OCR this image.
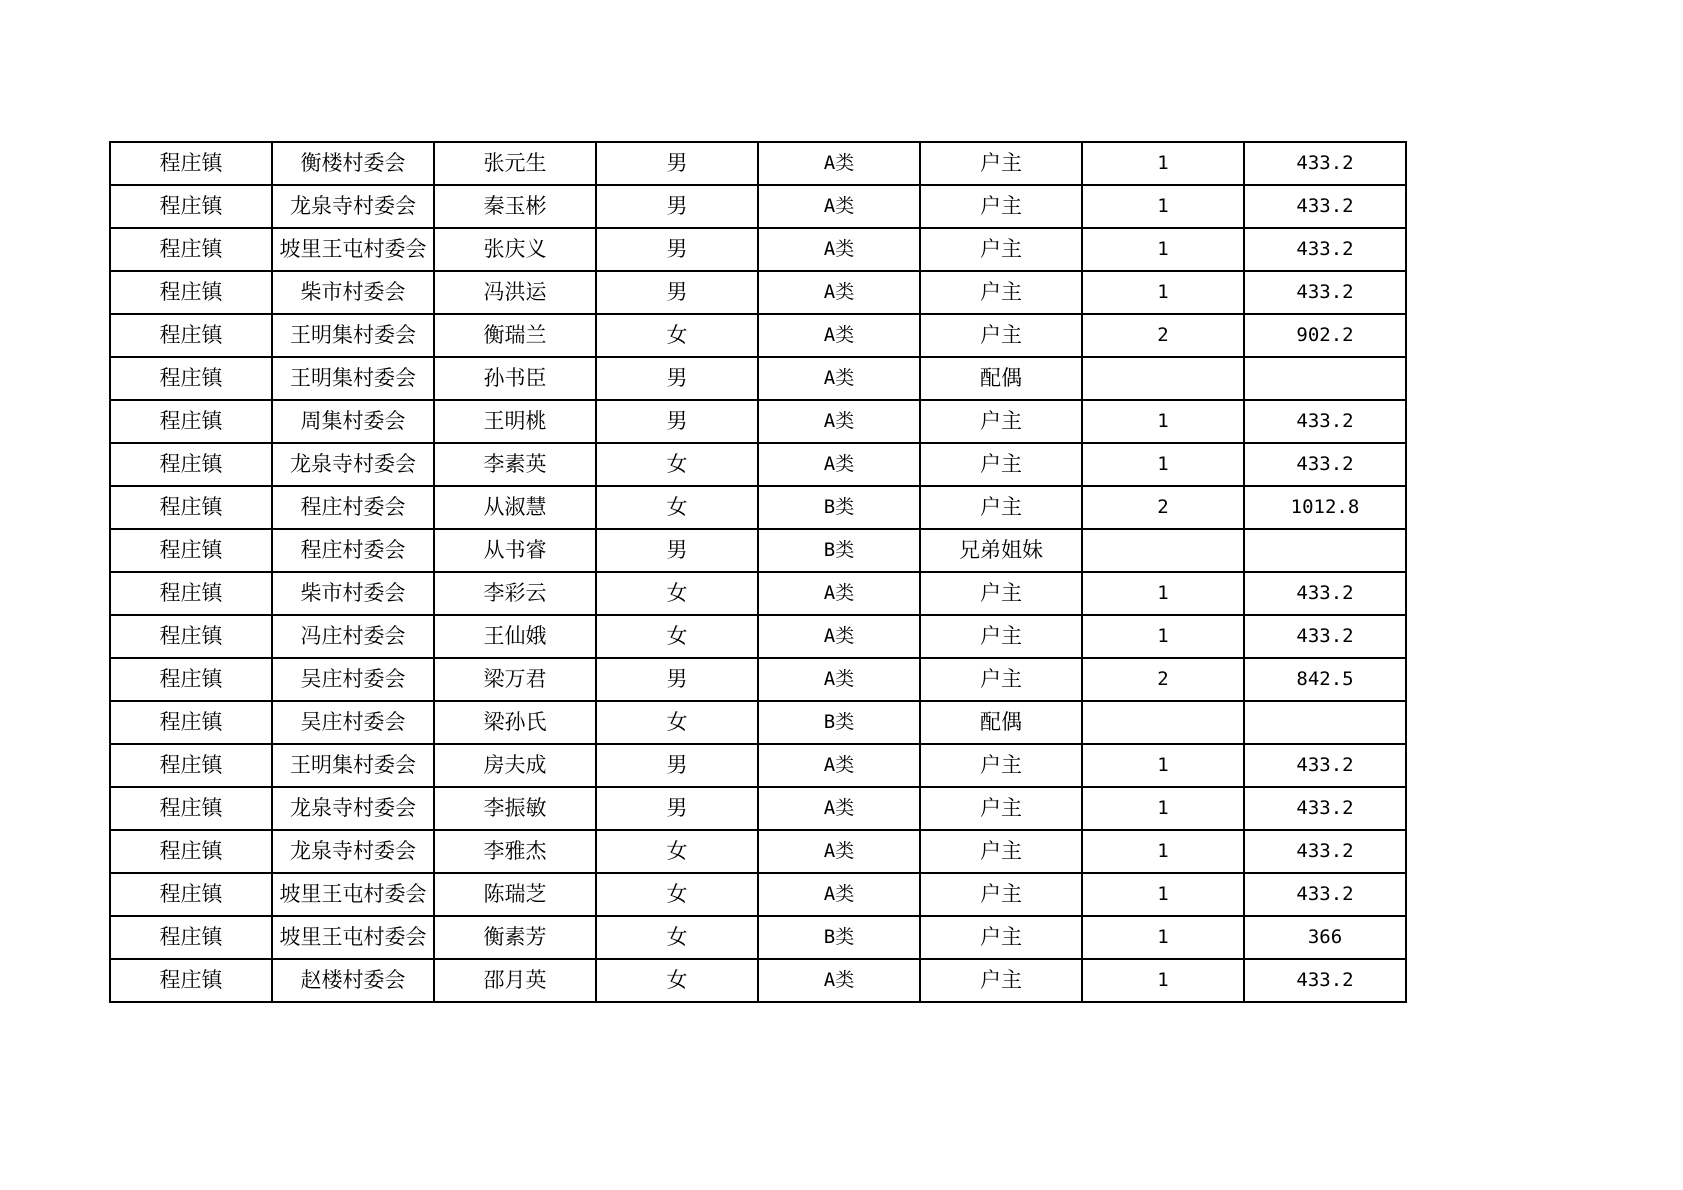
程庄镇	衡楼村委会	张元生	男	A类	户主	1	433.2
程庄镇	龙泉寺村委会	秦玉彬	男	A类	户主	1	433.2
程庄镇	坡里王屯村委会	张庆义	男	A类	户主	1	433.2
程庄镇	柴市村委会	冯洪运	男	A类	户主	1	433.2
程庄镇	王明集村委会	衡瑞兰	女	A类	户主	2	902.2
程庄镇	王明集村委会	孙书臣	男	A类	配偶		
程庄镇	周集村委会	王明桃	男	A类	户主	1	433.2
程庄镇	龙泉寺村委会	李素英	女	A类	户主	1	433.2
程庄镇	程庄村委会	从淑慧	女	B类	户主	2	1012.8
程庄镇	程庄村委会	从书睿	男	B类	兄弟姐妹		
程庄镇	柴市村委会	李彩云	女	A类	户主	1	433.2
程庄镇	冯庄村委会	王仙娥	女	A类	户主	1	433.2
程庄镇	吴庄村委会	梁万君	男	A类	户主	2	842.5
程庄镇	吴庄村委会	梁孙氏	女	B类	配偶		
程庄镇	王明集村委会	房夫成	男	A类	户主	1	433.2
程庄镇	龙泉寺村委会	李振敏	男	A类	户主	1	433.2
程庄镇	龙泉寺村委会	李雅杰	女	A类	户主	1	433.2
程庄镇	坡里王屯村委会	陈瑞芝	女	A类	户主	1	433.2
程庄镇	坡里王屯村委会	衡素芳	女	B类	户主	1	366
程庄镇	赵楼村委会	邵月英	女	A类	户主	1	433.2
